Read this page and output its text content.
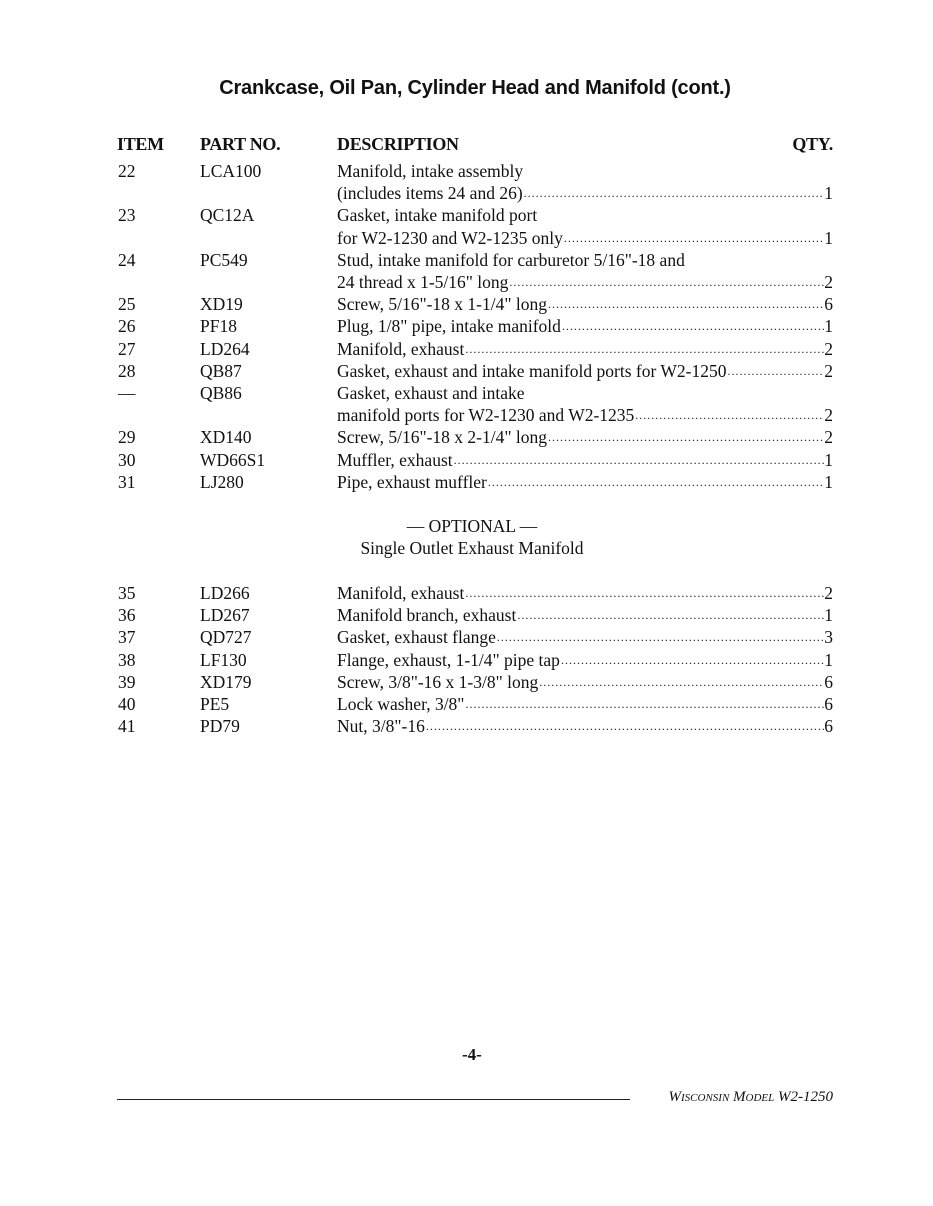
Crankcase, Oil Pan, Cylinder Head and Manifold (cont.)
ITEM PART NO.	DESCRIPTION	QTY.
22	LCA100	Manifold, intake assembly
(includes items 24 and 26) .....	1
23	QC12A	Gasket, intake manifold port
for W2-1230 and W2-1235 only .....	1
24	PC549	Stud, intake manifold for carburetor 5/16"-18 and
24 thread x 1-5/16" long .....	2
25	XD19	Screw, 5/16"-18 x 1-1/4" long .....	6
26	PF18	Plug, 1/8" pipe, intake manifold .....	1
27	LD264	Manifold, exhaust .....	2
28	QB87	Gasket, exhaust and intake manifold ports for W2-1250 .....	2
—	QB86	Gasket, exhaust and intake
manifold ports for W2-1230 and W2-1235 .....	2
29	XD140	Screw, 5/16"-18 x 2-1/4" long .....	2
30	WD66S1	Muffler, exhaust .....	1
31	LJ280	Pipe, exhaust muffler .....	1
— OPTIONAL —
Single Outlet Exhaust Manifold
35	LD266	Manifold, exhaust .....	2
36	LD267	Manifold branch, exhaust .....	1
37	QD727	Gasket, exhaust flange .....	3
38	LF130	Flange, exhaust, 1-1/4" pipe tap .....	1
39	XD179	Screw, 3/8"-16 x 1-3/8" long .....	6
40	PE5	Lock washer, 3/8" .....	6
41	PD79	Nut, 3/8"-16 .....	6
-4-
Wisconsin Model W2-1250
